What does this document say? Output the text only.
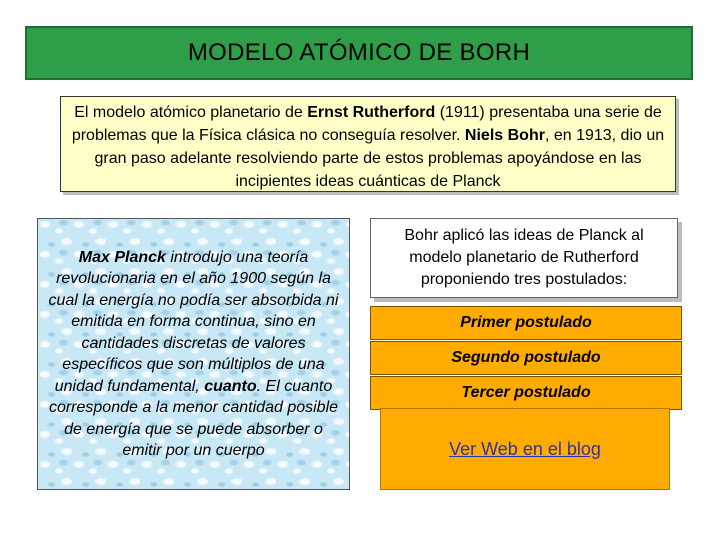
MODELO ATÓMICO DE BORH
El modelo atómico planetario de Ernst Rutherford (1911) presentaba una serie de problemas que la Física clásica no conseguía resolver. Niels Bohr, en 1913, dio un gran paso adelante resolviendo parte de estos problemas apoyándose en las incipientes ideas cuánticas de Planck
Max Planck introdujo una teoría revolucionaria en el año 1900 según la cual la energía no podía ser absorbida ni emitida en forma continua, sino en cantidades discretas de valores específicos que son múltiplos de una unidad fundamental, cuanto. El cuanto corresponde a la menor cantidad posible de energía que se puede absorber o emitir por un cuerpo
Bohr aplicó las ideas de Planck al modelo planetario de Rutherford proponiendo tres postulados:
Primer postulado
Segundo postulado
Tercer postulado
Ver Web en el blog
